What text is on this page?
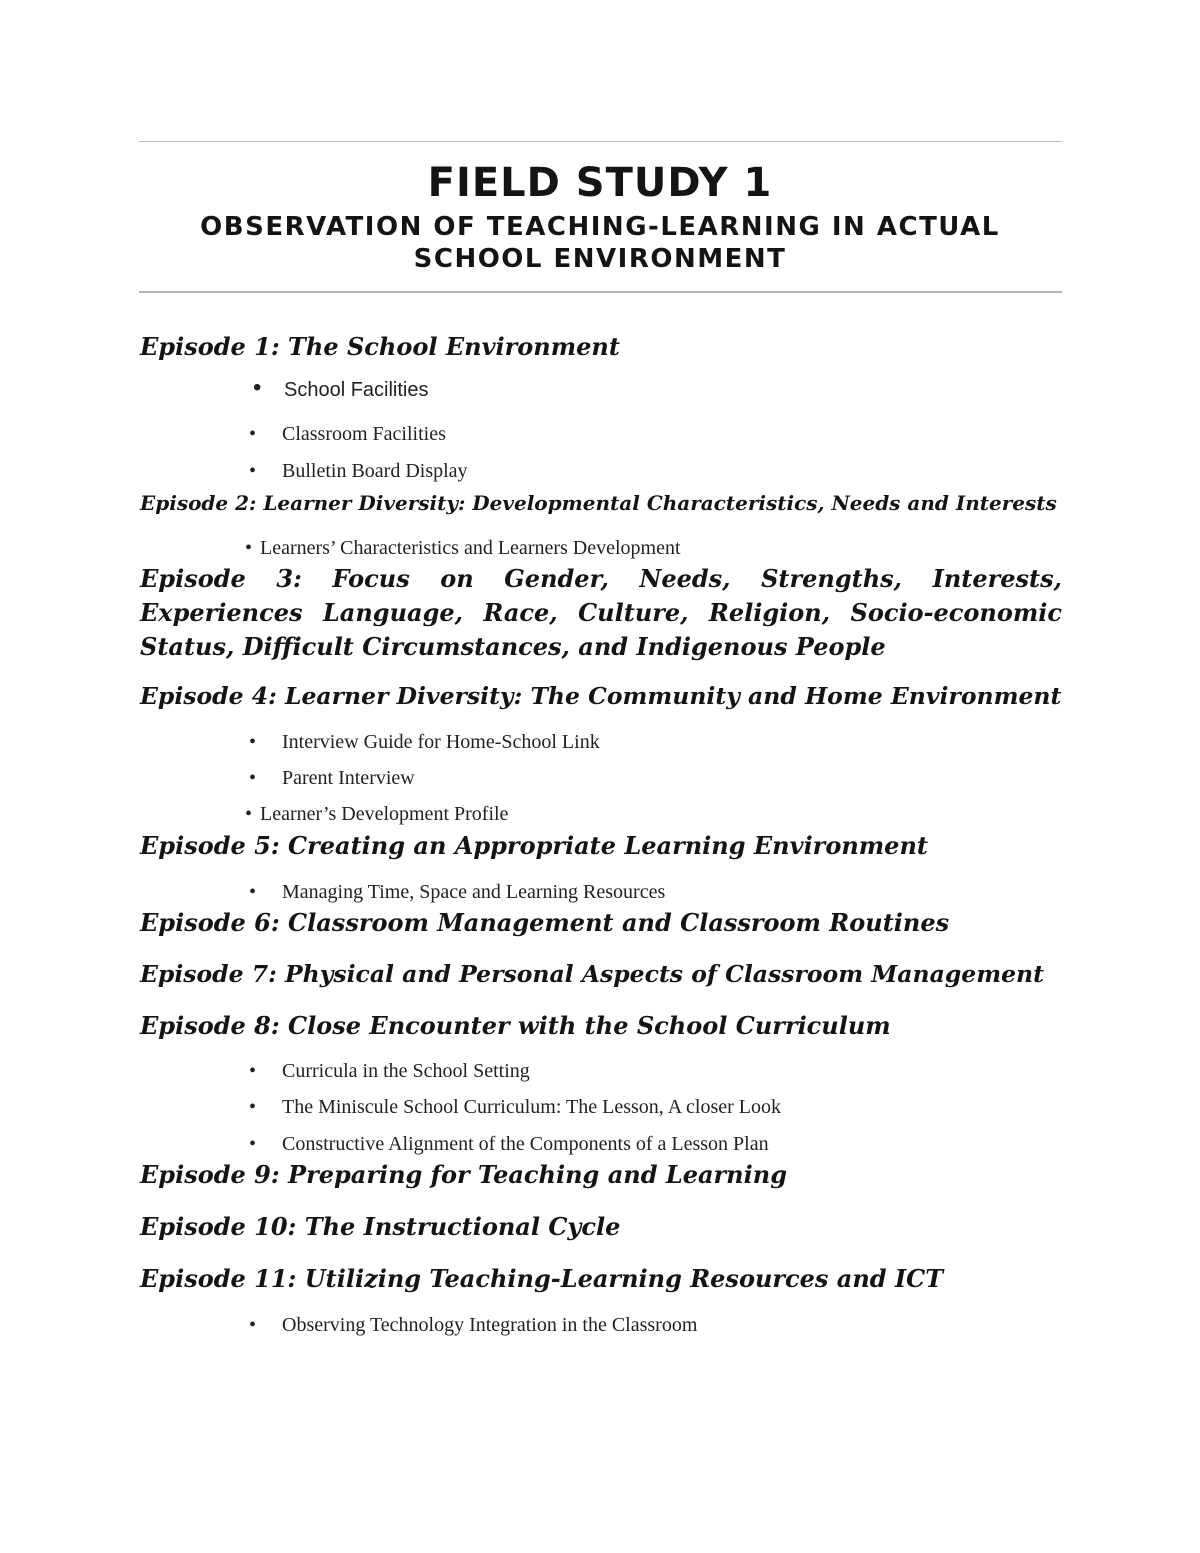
FIELD STUDY 1
OBSERVATION OF TEACHING-LEARNING IN ACTUAL
SCHOOL ENVIRONMENT
Episode 1: The School Environment
• School Facilities
• Classroom Facilities
• Bulletin Board Display
Episode 2: Learner Diversity: Developmental Characteristics, Needs and Interests
• Learners’ Characteristics and Learners Development
Episode 3: Focus on Gender, Needs, Strengths, Interests, Experiences Language, Race, Culture, Religion, Socio-economic Status, Difficult Circumstances, and Indigenous People
Episode 4: Learner Diversity: The Community and Home Environment
• Interview Guide for Home-School Link
• Parent Interview
• Learner’s Development Profile
Episode 5: Creating an Appropriate Learning Environment
• Managing Time, Space and Learning Resources
Episode 6: Classroom Management and Classroom Routines
Episode 7: Physical and Personal Aspects of Classroom Management
Episode 8: Close Encounter with the School Curriculum
• Curricula in the School Setting
• The Miniscule School Curriculum: The Lesson, A closer Look
• Constructive Alignment of the Components of a Lesson Plan
Episode 9: Preparing for Teaching and Learning
Episode 10: The Instructional Cycle
Episode 11: Utilizing Teaching-Learning Resources and ICT
• Observing Technology Integration in the Classroom
